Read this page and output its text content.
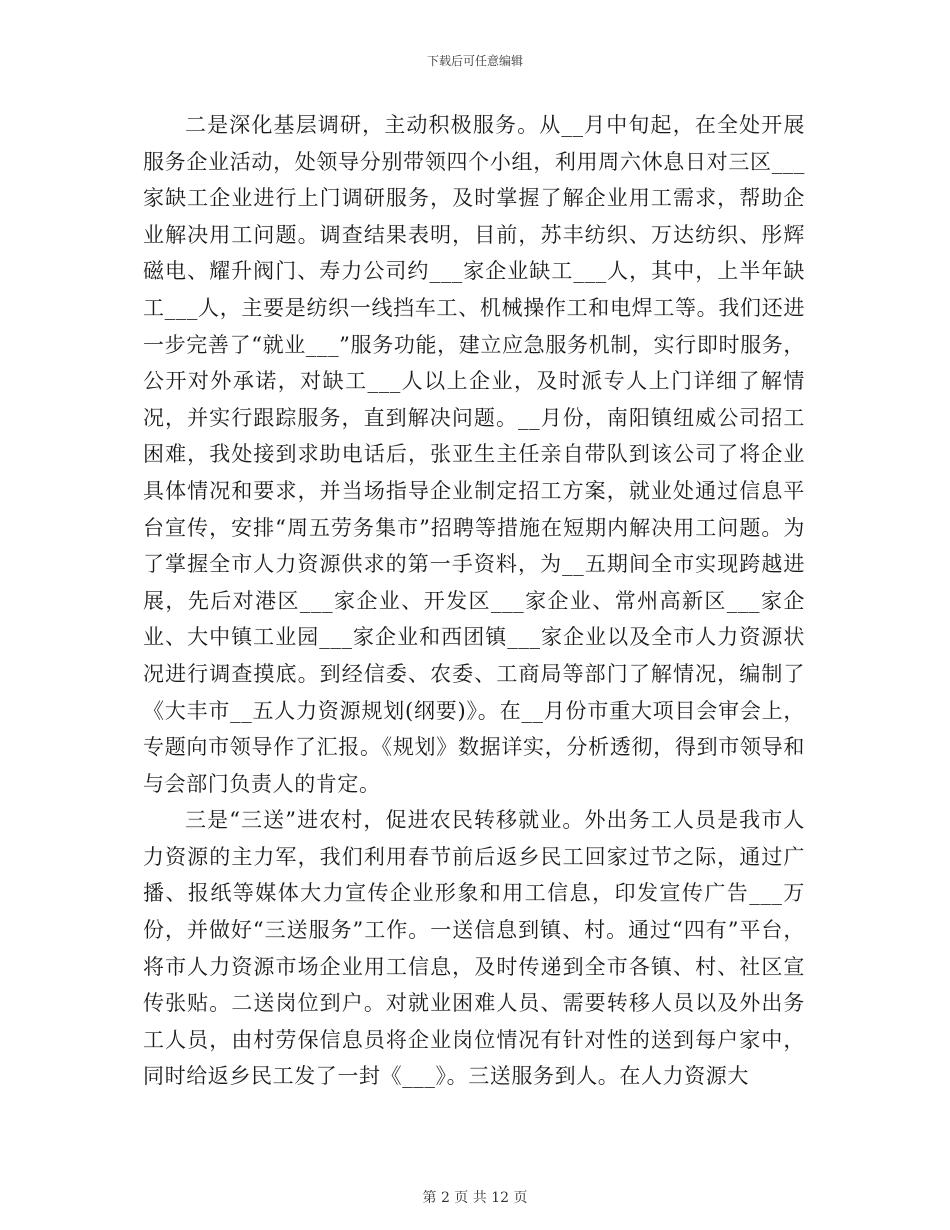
下载后可任意编辑

二是深化基层调研，主动积极服务。从__月中旬起，在全处开展服务企业活动，处领导分别带领四个小组，利用周六休息日对三区___家缺工企业进行上门调研服务，及时掌握了解企业用工需求，帮助企业解决用工问题。调查结果表明，目前，苏丰纺织、万达纺织、彤辉磁电、耀升阀门、寿力公司约___家企业缺工___人，其中，上半年缺工___人，主要是纺织一线挡车工、机械操作工和电焊工等。我们还进一步完善了“就业___”服务功能，建立应急服务机制，实行即时服务，公开对外承诺，对缺工___人以上企业，及时派专人上门详细了解情况，并实行跟踪服务，直到解决问题。__月份，南阳镇纽威公司招工困难，我处接到求助电话后，张亚生主任亲自带队到该公司了将企业具体情况和要求，并当场指导企业制定招工方案，就业处通过信息平台宣传，安排“周五劳务集市”招聘等措施在短期内解决用工问题。为了掌握全市人力资源供求的第一手资料，为__五期间全市实现跨越进展，先后对港区___家企业、开发区___家企业、常州高新区___家企业、大中镇工业园___家企业和西团镇___家企业以及全市人力资源状况进行调查摸底。到经信委、农委、工商局等部门了解情况，编制了《大丰市__五人力资源规划(纲要)》。在__月份市重大项目会审会上，专题向市领导作了汇报。《规划》数据详实，分析透彻，得到市领导和与会部门负责人的肯定。

三是“三送”进农村，促进农民转移就业。外出务工人员是我市人力资源的主力军，我们利用春节前后返乡民工回家过节之际，通过广播、报纸等媒体大力宣传企业形象和用工信息，印发宣传广告___万份，并做好“三送服务”工作。一送信息到镇、村。通过“四有”平台，将市人力资源市场企业用工信息，及时传递到全市各镇、村、社区宣传张贴。二送岗位到户。对就业困难人员、需要转移人员以及外出务工人员，由村劳保信息员将企业岗位情况有针对性的送到每户家中，同时给返乡民工发了一封《___》。三送服务到人。在人力资源大

第 2 页 共 12 页
